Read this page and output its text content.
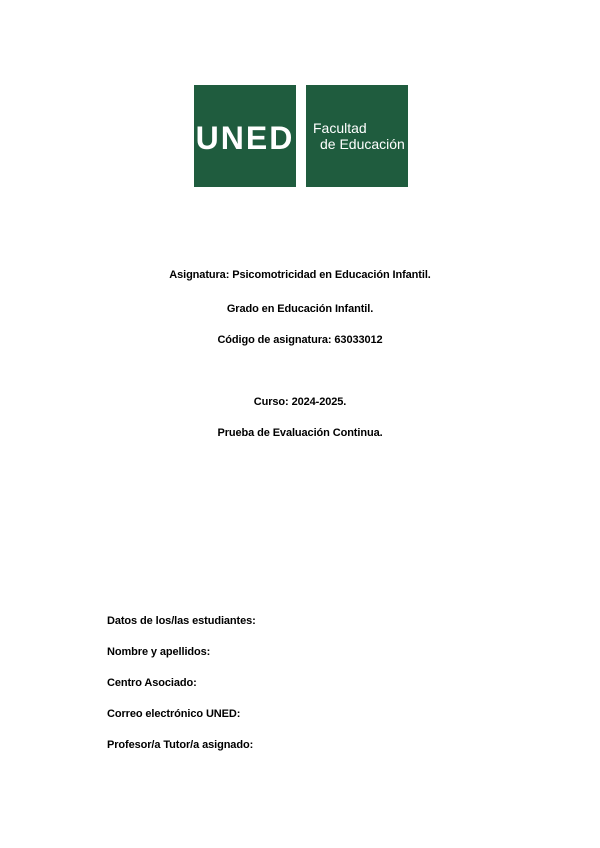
UNED Facultad
de Educación
Asignatura: Psicomotricidad en Educación Infantil.
Grado en Educación Infantil.
Código de asignatura: 63033012
Curso: 2024-2025.
Prueba de Evaluación Continua.
Datos de los/las estudiantes:
Nombre y apellidos:
Centro Asociado:
Correo electrónico UNED:
Profesor/a Tutor/a asignado:
